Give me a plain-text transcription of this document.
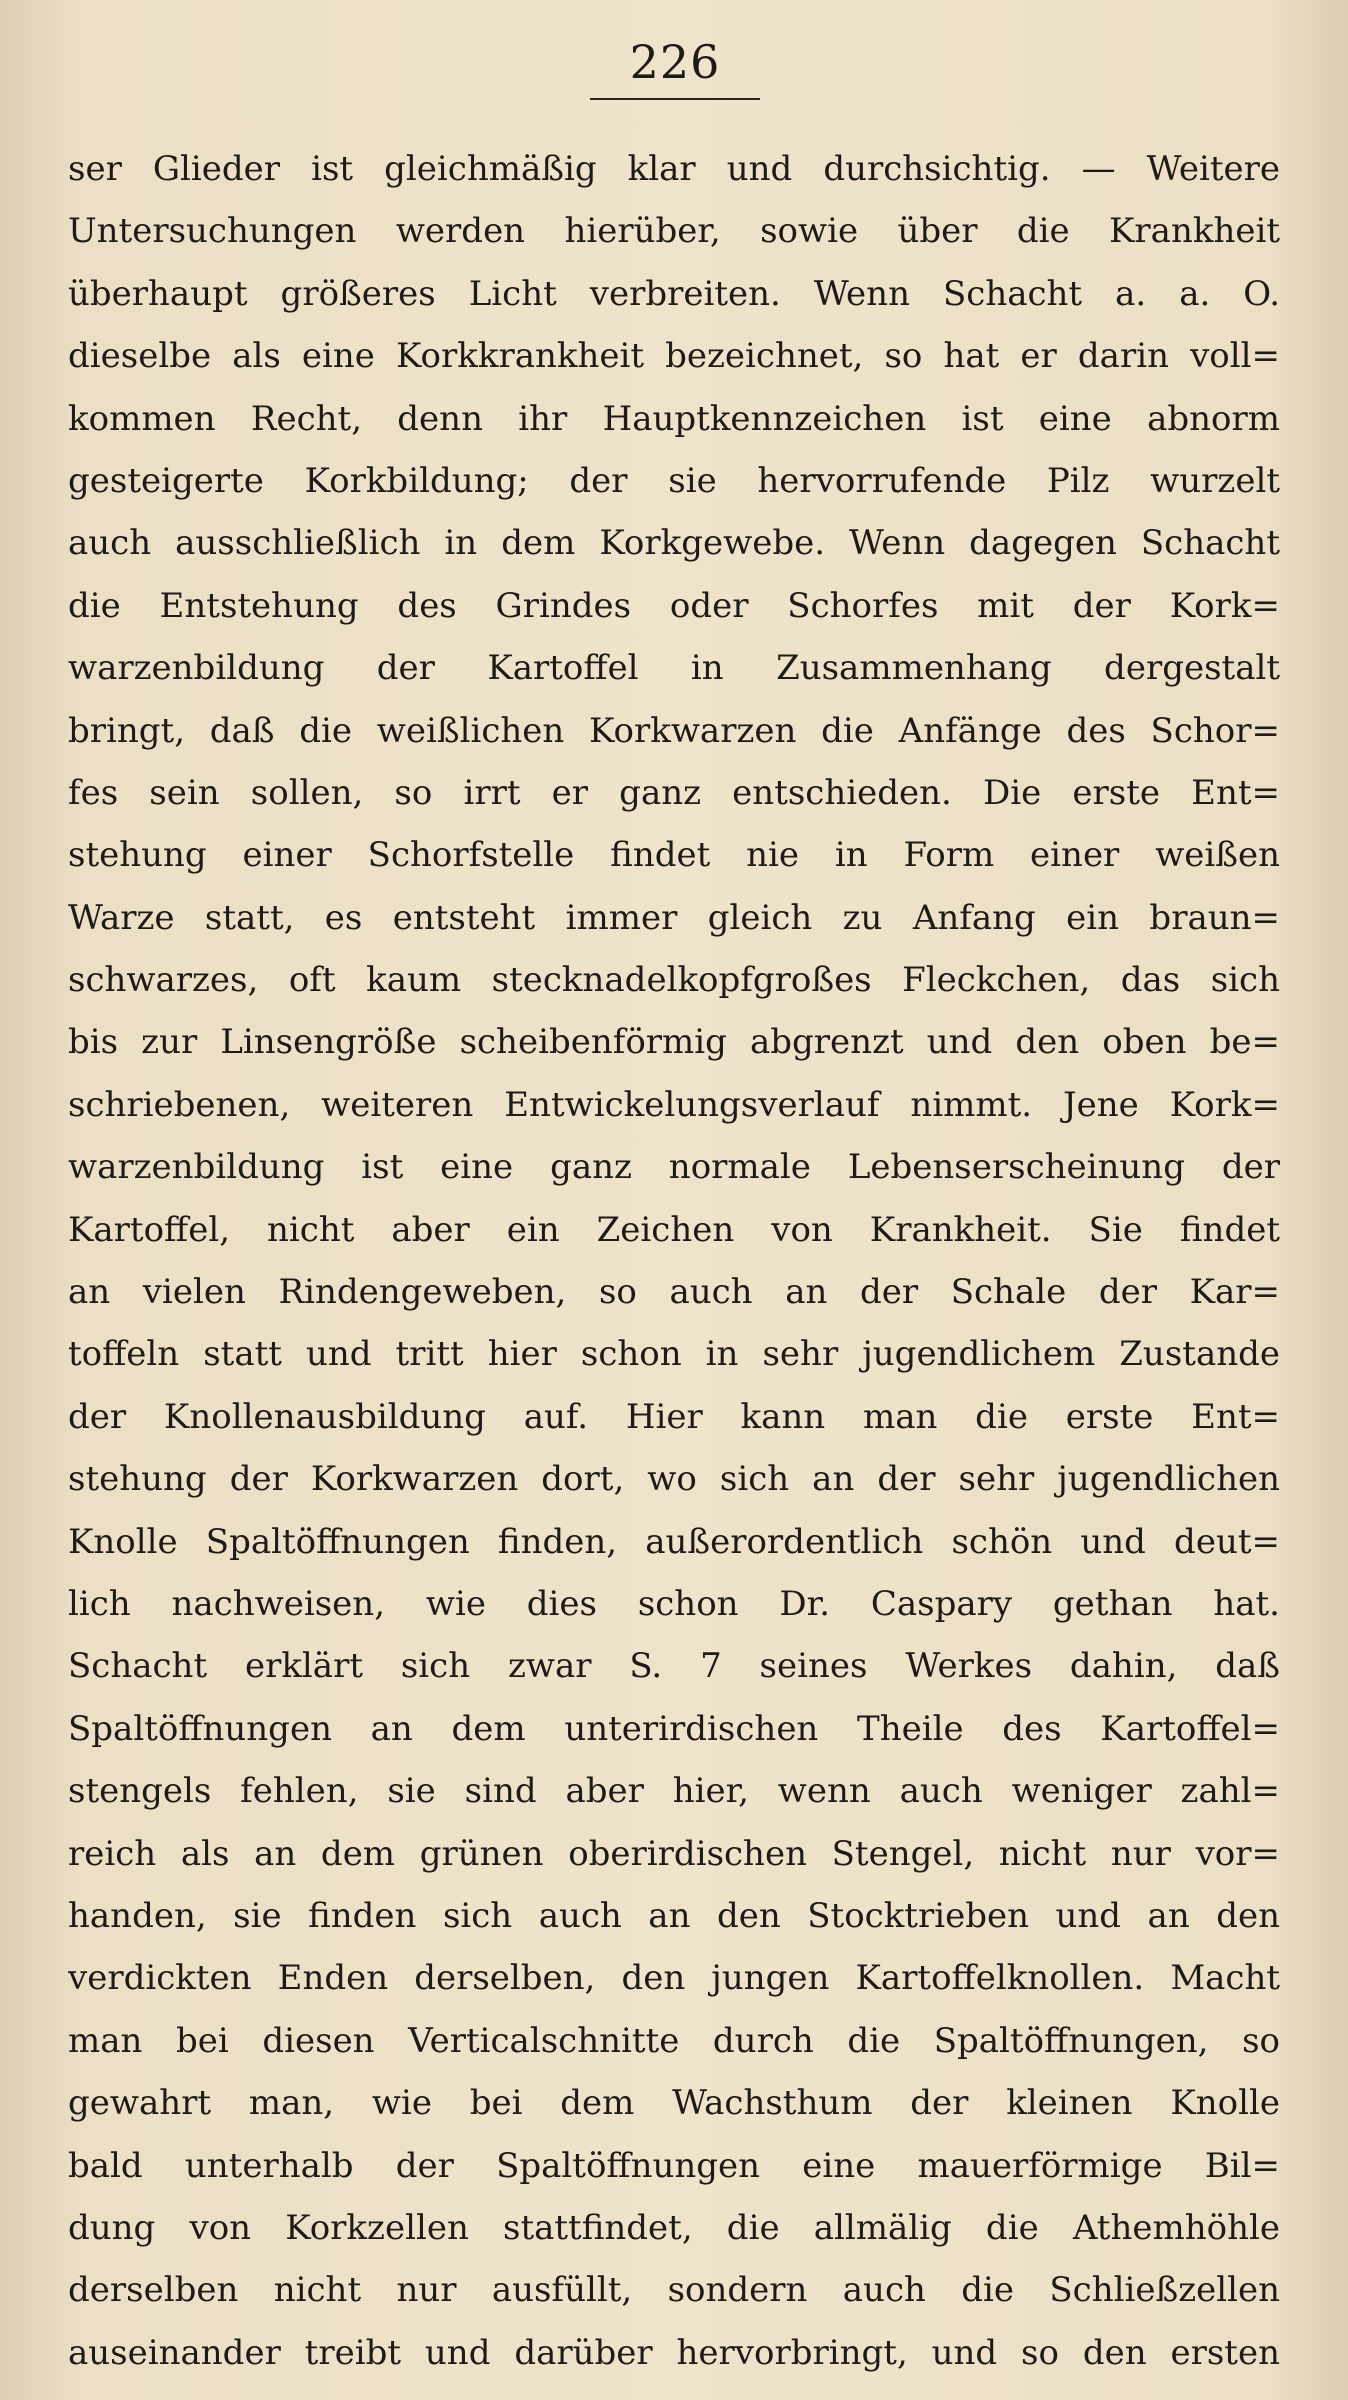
226
ser Glieder ist gleichmäßig klar und durchsichtig. — Weitere
Untersuchungen werden hierüber, sowie über die Krankheit
überhaupt größeres Licht verbreiten. Wenn Schacht a. a. O.
dieselbe als eine Korkkrankheit bezeichnet, so hat er darin voll=
kommen Recht, denn ihr Hauptkennzeichen ist eine abnorm
gesteigerte Korkbildung; der sie hervorrufende Pilz wurzelt
auch ausschließlich in dem Korkgewebe. Wenn dagegen Schacht
die Entstehung des Grindes oder Schorfes mit der Kork=
warzenbildung der Kartoffel in Zusammenhang dergestalt
bringt, daß die weißlichen Korkwarzen die Anfänge des Schor=
fes sein sollen, so irrt er ganz entschieden. Die erste Ent=
stehung einer Schorfstelle findet nie in Form einer weißen
Warze statt, es entsteht immer gleich zu Anfang ein braun=
schwarzes, oft kaum stecknadelkopfgroßes Fleckchen, das sich
bis zur Linsengröße scheibenförmig abgrenzt und den oben be=
schriebenen, weiteren Entwickelungsverlauf nimmt. Jene Kork=
warzenbildung ist eine ganz normale Lebenserscheinung der
Kartoffel, nicht aber ein Zeichen von Krankheit. Sie findet
an vielen Rindengeweben, so auch an der Schale der Kar=
toffeln statt und tritt hier schon in sehr jugendlichem Zustande
der Knollenausbildung auf. Hier kann man die erste Ent=
stehung der Korkwarzen dort, wo sich an der sehr jugendlichen
Knolle Spaltöffnungen finden, außerordentlich schön und deut=
lich nachweisen, wie dies schon Dr. Caspary gethan hat.
Schacht erklärt sich zwar S. 7 seines Werkes dahin, daß
Spaltöffnungen an dem unterirdischen Theile des Kartoffel=
stengels fehlen, sie sind aber hier, wenn auch weniger zahl=
reich als an dem grünen oberirdischen Stengel, nicht nur vor=
handen, sie finden sich auch an den Stocktrieben und an den
verdickten Enden derselben, den jungen Kartoffelknollen. Macht
man bei diesen Verticalschnitte durch die Spaltöffnungen, so
gewahrt man, wie bei dem Wachsthum der kleinen Knolle
bald unterhalb der Spaltöffnungen eine mauerförmige Bil=
dung von Korkzellen stattfindet, die allmälig die Athemhöhle
derselben nicht nur ausfüllt, sondern auch die Schließzellen
auseinander treibt und darüber hervorbringt, und so den ersten
